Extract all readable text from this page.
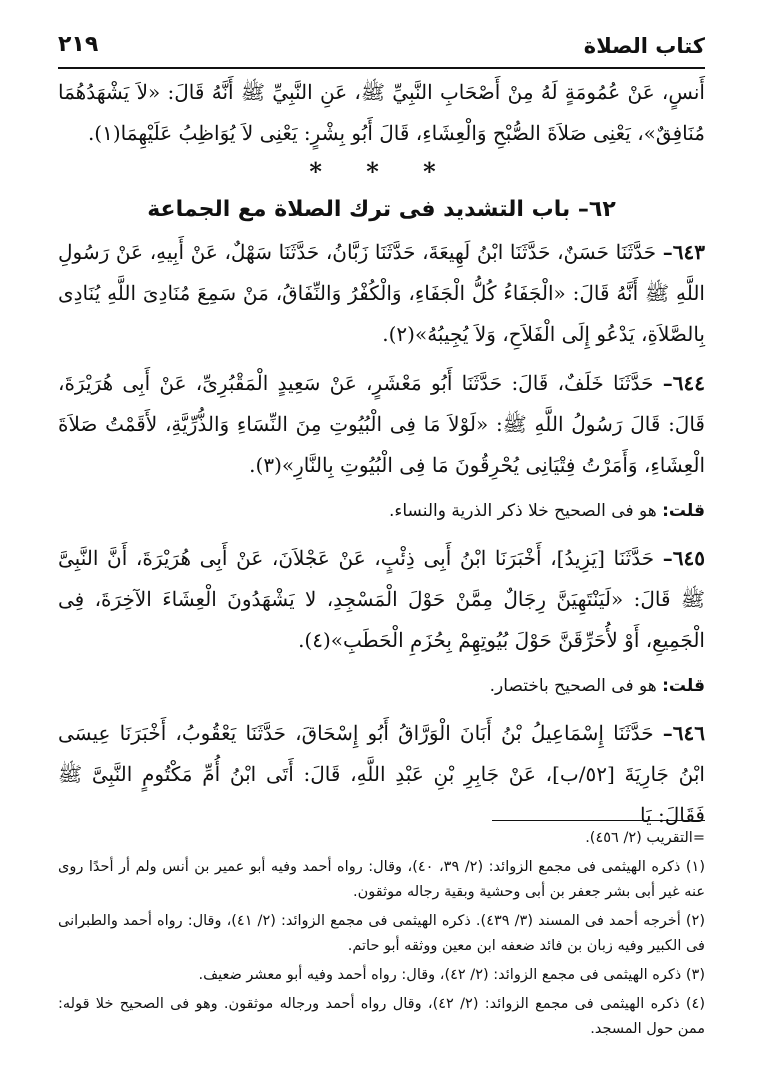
كتاب الصلاة
٢١٩

أَنسٍ، عَنْ عُمُومَةٍ لَهُ مِنْ أَصْحَابِ النَّبِيِّ ﷺ، عَنِ النَّبِيِّ ﷺ أَنَّهُ قَالَ: «لاَ يَشْهَدُهُمَا مُنَافِقٌ»، يَعْنِى صَلاَةَ الصُّبْحِ وَالْعِشَاءِ، قَالَ أَبُو بِشْرٍ: يَعْنِى لاَ يُوَاظِبُ عَلَيْهِمَا(١).

* * *
٦٢– باب التشديد فى ترك الصلاة مع الجماعة

٦٤٣– حَدَّثَنَا حَسَنٌ، حَدَّثَنَا ابْنُ لَهِيعَةَ، حَدَّثَنَا زَبَّانُ، حَدَّثَنَا سَهْلٌ، عَنْ أَبِيهِ، عَنْ رَسُولِ اللَّهِ ﷺ أَنَّهُ قَالَ: «الْجَفَاءُ كُلُّ الْجَفَاءِ، وَالْكُفْرُ وَالنِّفَاقُ، مَنْ سَمِعَ مُنَادِىَ اللَّهِ يُنَادِى بِالصَّلاَةِ، يَدْعُو إِلَى الْفَلاَحِ، وَلاَ يُجِيبُهُ»(٢).

٦٤٤– حَدَّثَنَا خَلَفٌ، قَالَ: حَدَّثَنَا أَبُو مَعْشَرٍ، عَنْ سَعِيدٍ الْمَقْبُرِىِّ، عَنْ أَبِى هُرَيْرَةَ، قَالَ: قَالَ رَسُولُ اللَّهِ ﷺ: «لَوْلاَ مَا فِى الْبُيُوتِ مِنَ النِّسَاءِ وَالذُّرِّيَّةِ، لأَقَمْتُ صَلاَةَ الْعِشَاءِ، وَأَمَرْتُ فِتْيَانِى يُحْرِقُونَ مَا فِى الْبُيُوتِ بِالنَّارِ»(٣).

قلت: هو فى الصحيح خلا ذكر الذرية والنساء.

٦٤٥– حَدَّثَنَا [يَزِيدُ]، أَخْبَرَنَا ابْنُ أَبِى ذِئْبٍ، عَنْ عَجْلاَنَ، عَنْ أَبِى هُرَيْرَةَ، أَنَّ النَّبِىَّ ﷺ قَالَ: «لَيَنْتَهِيَنَّ رِجَالٌ مِمَّنْ حَوْلَ الْمَسْجِدِ، لا يَشْهَدُونَ الْعِشَاءَ الآخِرَةَ، فِى الْجَمِيعِ، أَوْ لأُحَرِّقَنَّ حَوْلَ بُيُوتِهِمْ بِحُزَمِ الْحَطَبِ»(٤).

قلت: هو فى الصحيح باختصار.

٦٤٦– حَدَّثَنَا إِسْمَاعِيلُ بْنُ أَبَانَ الْوَرَّاقُ أَبُو إِسْحَاقَ، حَدَّثَنَا يَعْقُوبُ، أَخْبَرَنَا عِيسَى ابْنُ جَارِيَةَ [٥٢/ب]، عَنْ جَابِرِ بْنِ عَبْدِ اللَّهِ، قَالَ: أَتَى ابْنُ أُمِّ مَكْتُومٍ النَّبِىَّ ﷺ فَقَالَ: يَا

=التقريب (٢/ ٤٥٦).

(١) ذكره الهيثمى فى مجمع الزوائد: (٢/ ٣٩، ٤٠)، وقال: رواه أحمد وفيه أبو عمير بن أنس ولم أر أحدًا روى عنه غير أبى بشر جعفر بن أبى وحشية وبقية رجاله موثقون.

(٢) أخرجه أحمد فى المسند (٣/ ٤٣٩). ذكره الهيثمى فى مجمع الزوائد: (٢/ ٤١)، وقال: رواه أحمد والطبرانى فى الكبير وفيه زبان بن فائد ضعفه ابن معين ووثقه أبو حاتم.

(٣) ذكره الهيثمى فى مجمع الزوائد: (٢/ ٤٢)، وقال: رواه أحمد وفيه أبو معشر ضعيف.

(٤) ذكره الهيثمى فى مجمع الزوائد: (٢/ ٤٢)، وقال رواه أحمد ورجاله موثقون. وهو فى الصحيح خلا قوله: ممن حول المسجد.
